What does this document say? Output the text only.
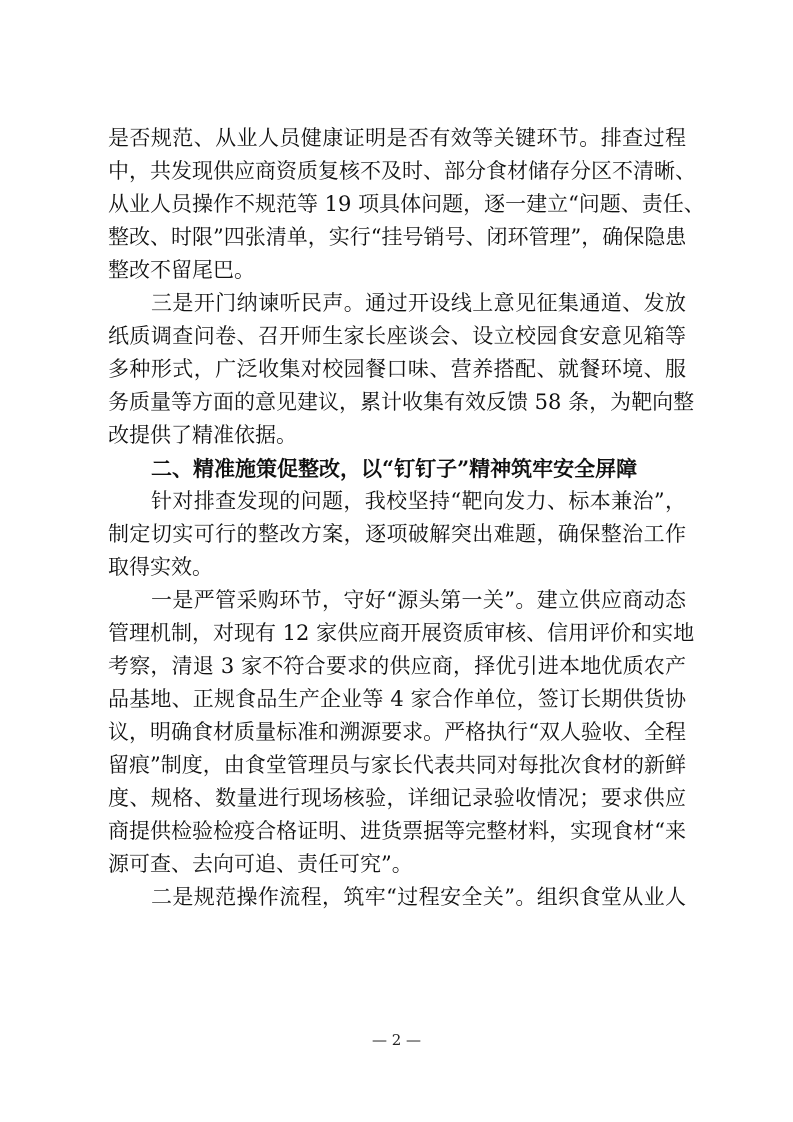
是否规范、从业人员健康证明是否有效等关键环节。排查过程
中，共发现供应商资质复核不及时、部分食材储存分区不清晰、
从业人员操作不规范等 19 项具体问题，逐一建立“问题、责任、
整改、时限”四张清单，实行“挂号销号、闭环管理”，确保隐患
整改不留尾巴。
三是开门纳谏听民声。通过开设线上意见征集通道、发放
纸质调查问卷、召开师生家长座谈会、设立校园食安意见箱等
多种形式，广泛收集对校园餐口味、营养搭配、就餐环境、服
务质量等方面的意见建议，累计收集有效反馈 58 条，为靶向整
改提供了精准依据。
二、精准施策促整改，以“钉钉子”精神筑牢安全屏障
针对排查发现的问题，我校坚持“靶向发力、标本兼治”，
制定切实可行的整改方案，逐项破解突出难题，确保整治工作
取得实效。
一是严管采购环节，守好“源头第一关”。建立供应商动态
管理机制，对现有 12 家供应商开展资质审核、信用评价和实地
考察，清退 3 家不符合要求的供应商，择优引进本地优质农产
品基地、正规食品生产企业等 4 家合作单位，签订长期供货协
议，明确食材质量标准和溯源要求。严格执行“双人验收、全程
留痕”制度，由食堂管理员与家长代表共同对每批次食材的新鲜
度、规格、数量进行现场核验，详细记录验收情况；要求供应
商提供检验检疫合格证明、进货票据等完整材料，实现食材“来
源可查、去向可追、责任可究”。
二是规范操作流程，筑牢“过程安全关”。组织食堂从业人
— 2 —
